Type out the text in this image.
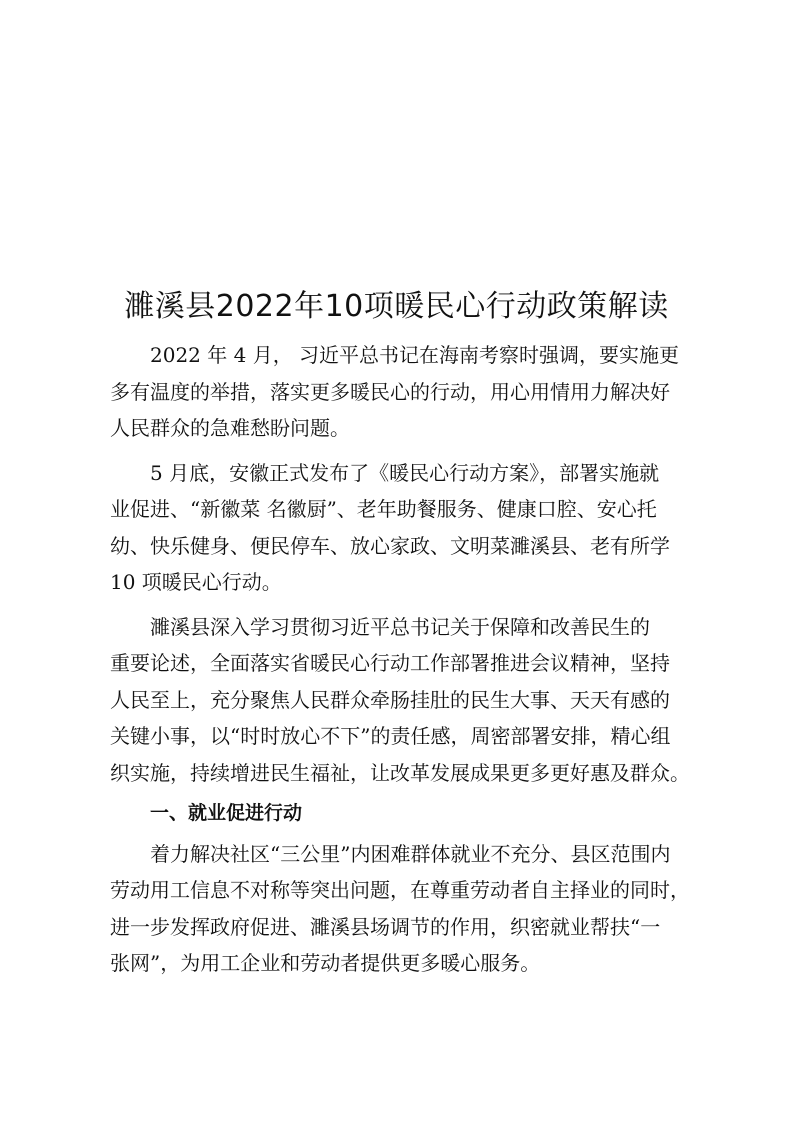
濉溪县2022年10项暖民心行动政策解读
2022 年 4 月， 习近平总书记在海南考察时强调，要实施更
多有温度的举措，落实更多暖民心的行动，用心用情用力解决好
人民群众的急难愁盼问题。
5 月底，安徽正式发布了《暖民心行动方案》，部署实施就
业促进、“新徽菜 名徽厨”、老年助餐服务、健康口腔、安心托
幼、快乐健身、便民停车、放心家政、文明菜濉溪县、老有所学
10 项暖民心行动。
濉溪县深入学习贯彻习近平总书记关于保障和改善民生的
重要论述，全面落实省暖民心行动工作部署推进会议精神，坚持
人民至上，充分聚焦人民群众牵肠挂肚的民生大事、天天有感的
关键小事，以“时时放心不下”的责任感，周密部署安排，精心组
织实施，持续增进民生福祉，让改革发展成果更多更好惠及群众。
一、就业促进行动
着力解决社区“三公里”内困难群体就业不充分、县区范围内
劳动用工信息不对称等突出问题，在尊重劳动者自主择业的同时，
进一步发挥政府促进、濉溪县场调节的作用，织密就业帮扶“一
张网”，为用工企业和劳动者提供更多暖心服务。
